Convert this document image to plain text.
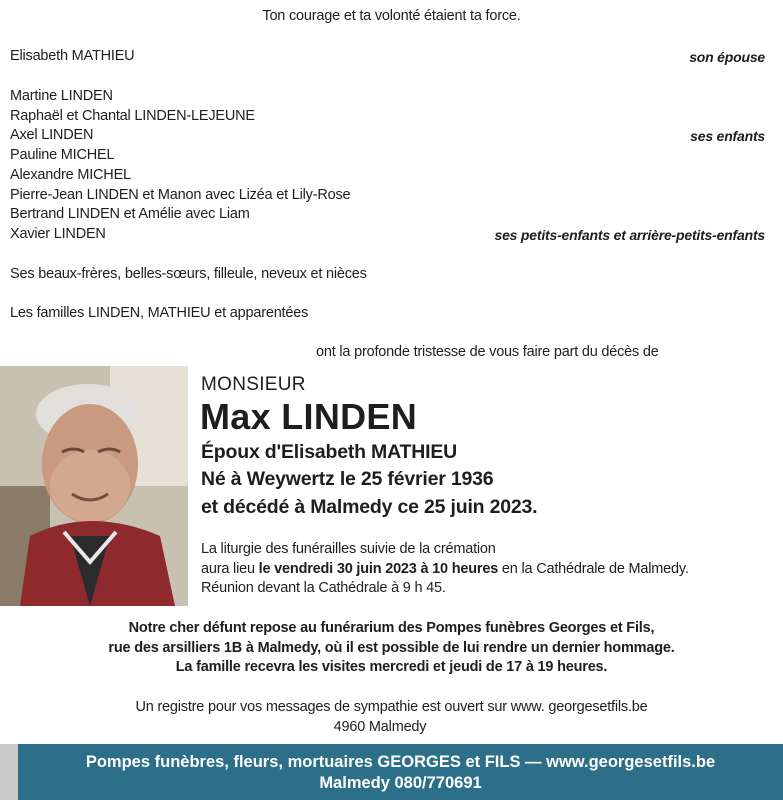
Ton courage et ta volonté étaient ta force.
Elisabeth MATHIEU	son épouse
Martine LINDEN
Raphaël et Chantal LINDEN-LEJEUNE
Axel LINDEN	ses enfants
Pauline MICHEL
Alexandre MICHEL
Pierre-Jean LINDEN et Manon avec Lizéa et Lily-Rose
Bertrand LINDEN et Amélie avec Liam
Xavier LINDEN	ses petits-enfants et arrière-petits-enfants
Ses beaux-frères, belles-sœurs, filleule, neveux et nièces
Les familles LINDEN, MATHIEU et apparentées
ont la profonde tristesse de vous faire part du décès de
MONSIEUR
Max LINDEN
Époux d'Elisabeth MATHIEU
Né à Weywertz le 25 février 1936
et décédé à Malmedy ce 25 juin 2023.
La liturgie des funérailles suivie de la crémation
aura lieu le vendredi 30 juin 2023 à 10 heures en la Cathédrale de Malmedy.
Réunion devant la Cathédrale à 9 h 45.
Notre cher défunt repose au funérarium des Pompes funèbres Georges et Fils,
rue des arsilliers 1B à Malmedy, où il est possible de lui rendre un dernier hommage.
La famille recevra les visites mercredi et jeudi de 17 à 19 heures.
Un registre pour vos messages de sympathie est ouvert sur www. georgesetfils.be
4960 Malmedy
Pompes funèbres, fleurs, mortuaires GEORGES et FILS — www.georgesetfils.be
Malmedy 080/770691
